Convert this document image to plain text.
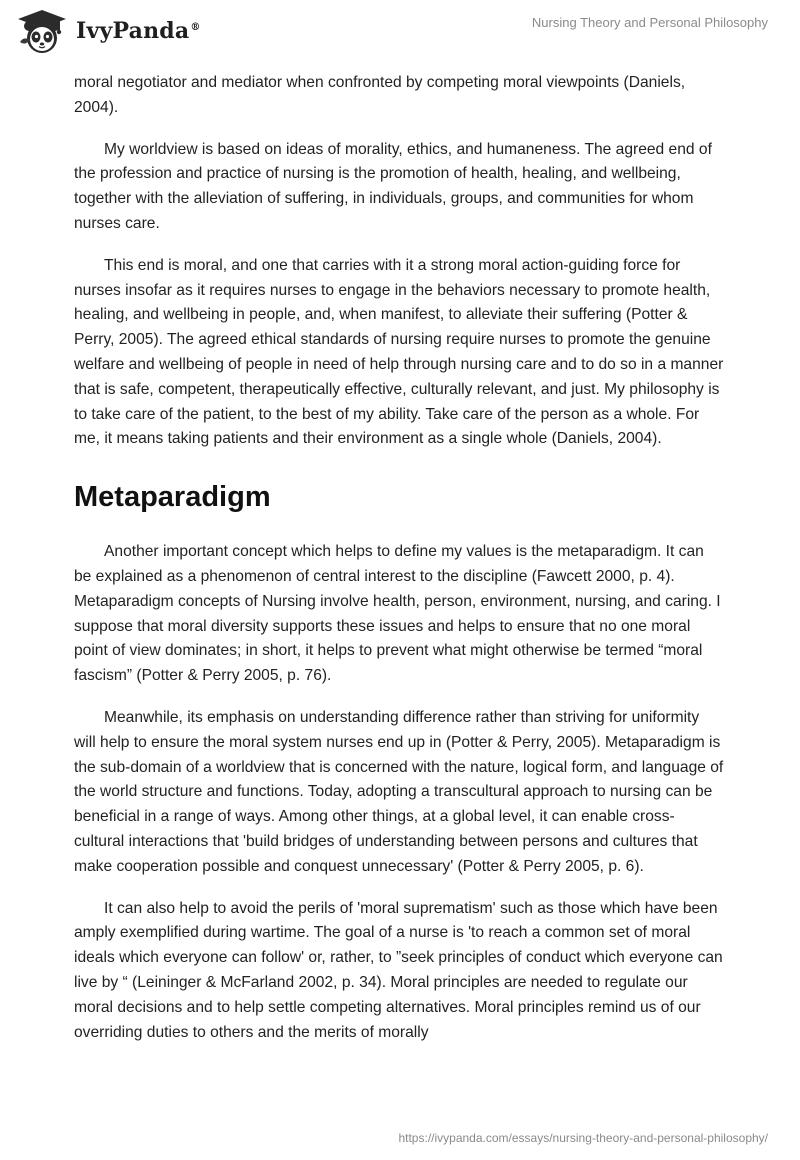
IvyPanda®	Nursing Theory and Personal Philosophy

moral negotiator and mediator when confronted by competing moral viewpoints (Daniels, 2004).

My worldview is based on ideas of morality, ethics, and humaneness. The agreed end of the profession and practice of nursing is the promotion of health, healing, and wellbeing, together with the alleviation of suffering, in individuals, groups, and communities for whom nurses care.

This end is moral, and one that carries with it a strong moral action-guiding force for nurses insofar as it requires nurses to engage in the behaviors necessary to promote health, healing, and wellbeing in people, and, when manifest, to alleviate their suffering (Potter & Perry, 2005). The agreed ethical standards of nursing require nurses to promote the genuine welfare and wellbeing of people in need of help through nursing care and to do so in a manner that is safe, competent, therapeutically effective, culturally relevant, and just. My philosophy is to take care of the patient, to the best of my ability. Take care of the person as a whole. For me, it means taking patients and their environment as a single whole (Daniels, 2004).

Metaparadigm

Another important concept which helps to define my values is the metaparadigm. It can be explained as a phenomenon of central interest to the discipline (Fawcett 2000, p. 4). Metaparadigm concepts of Nursing involve health, person, environment, nursing, and caring. I suppose that moral diversity supports these issues and helps to ensure that no one moral point of view dominates; in short, it helps to prevent what might otherwise be termed “moral fascism” (Potter & Perry 2005, p. 76).

Meanwhile, its emphasis on understanding difference rather than striving for uniformity will help to ensure the moral system nurses end up in (Potter & Perry, 2005). Metaparadigm is the sub-domain of a worldview that is concerned with the nature, logical form, and language of the world structure and functions. Today, adopting a transcultural approach to nursing can be beneficial in a range of ways. Among other things, at a global level, it can enable cross-cultural interactions that 'build bridges of understanding between persons and cultures that make cooperation possible and conquest unnecessary' (Potter & Perry 2005, p. 6).

It can also help to avoid the perils of 'moral suprematism' such as those which have been amply exemplified during wartime. The goal of a nurse is 'to reach a common set of moral ideals which everyone can follow' or, rather, to ”seek principles of conduct which everyone can live by “ (Leininger & McFarland 2002, p. 34). Moral principles are needed to regulate our moral decisions and to help settle competing alternatives. Moral principles remind us of our overriding duties to others and the merits of morally

https://ivypanda.com/essays/nursing-theory-and-personal-philosophy/
